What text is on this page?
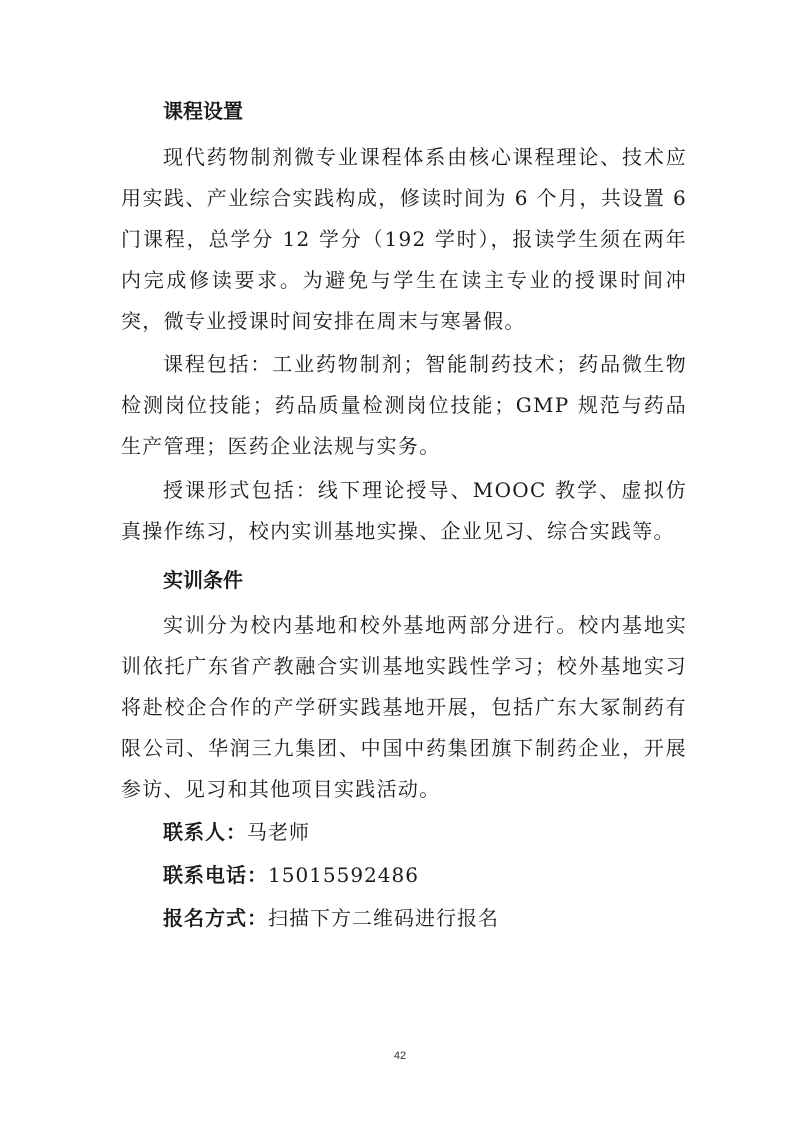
课程设置

现代药物制剂微专业课程体系由核心课程理论、技术应用实践、产业综合实践构成，修读时间为 6 个月，共设置 6 门课程，总学分 12 学分（192 学时），报读学生须在两年内完成修读要求。为避免与学生在读主专业的授课时间冲突，微专业授课时间安排在周末与寒暑假。

课程包括：工业药物制剂；智能制药技术；药品微生物检测岗位技能；药品质量检测岗位技能；GMP 规范与药品生产管理；医药企业法规与实务。

授课形式包括：线下理论授导、MOOC 教学、虚拟仿真操作练习，校内实训基地实操、企业见习、综合实践等。

实训条件

实训分为校内基地和校外基地两部分进行。校内基地实训依托广东省产教融合实训基地实践性学习；校外基地实习将赴校企合作的产学研实践基地开展，包括广东大冢制药有限公司、华润三九集团、中国中药集团旗下制药企业，开展参访、见习和其他项目实践活动。

联系人：马老师

联系电话：15015592486

报名方式：扫描下方二维码进行报名

42
